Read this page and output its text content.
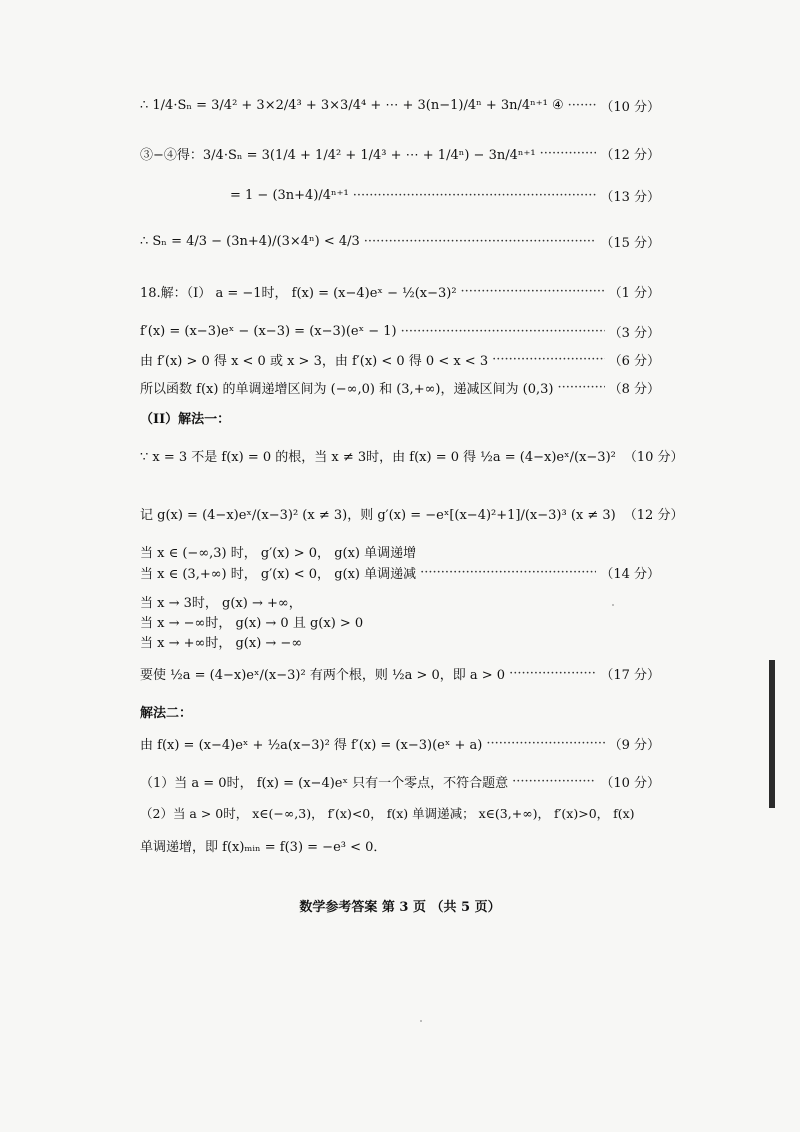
∴ 1/4·Sₙ = 3/4² + 3×2/4³ + 3×3/4⁴ + ⋯ + 3(n−1)/4ⁿ + 3n/4ⁿ⁺¹ ④ ·····	（10 分）
③−④得：3/4·Sₙ = 3(1/4 + 1/4² + 1/4³ + ⋯ + 1/4ⁿ) − 3n/4ⁿ⁺¹ ·····	（12 分）
= 1 − (3n+4)/4ⁿ⁺¹ ·····	（13 分）
∴ Sₙ = 4/3 − (3n+4)/(3×4ⁿ) < 4/3 ·····	（15 分）
18.解：（I） a = −1时， f(x) = (x−4)eˣ − ½(x−3)² ·····	（1 分）
f′(x) = (x−3)eˣ − (x−3) = (x−3)(eˣ − 1) ·····	（3 分）
由 f′(x) > 0 得 x < 0 或 x > 3，由 f′(x) < 0 得 0 < x < 3 ·····	（6 分）
所以函数 f(x) 的单调递增区间为 (−∞,0) 和 (3,+∞)，递减区间为 (0,3) ·····	（8 分）
（II）解法一：
∵ x = 3 不是 f(x) = 0 的根，当 x ≠ 3时，由 f(x) = 0 得 ½a = (4−x)eˣ/(x−3)² （10 分）
记 g(x) = (4−x)eˣ/(x−3)² (x ≠ 3)，则 g′(x) = −eˣ[(x−4)²+1]/(x−3)³ (x ≠ 3) （12 分）
当 x ∈ (−∞,3) 时， g′(x) > 0， g(x) 单调递增
当 x ∈ (3,+∞) 时， g′(x) < 0， g(x) 单调递减 ·····	（14 分）
当 x → 3时， g(x) → +∞，
当 x → −∞时， g(x) → 0 且 g(x) > 0
当 x → +∞时， g(x) → −∞
要使 ½a = (4−x)eˣ/(x−3)² 有两个根，则 ½a > 0，即 a > 0 ·····	（17 分）
解法二：
由 f(x) = (x−4)eˣ + ½a(x−3)² 得 f′(x) = (x−3)(eˣ + a) ·····	（9 分）
（1）当 a = 0时， f(x) = (x−4)eˣ 只有一个零点，不符合题意 ·····	（10 分）
（2）当 a > 0时， x∈(−∞,3)， f′(x)<0， f(x) 单调递减； x∈(3,+∞)， f′(x)>0， f(x)
单调递增，即 f(x)ₘᵢₙ = f(3) = −e³ < 0．
数学参考答案 第 3 页 （共 5 页）
